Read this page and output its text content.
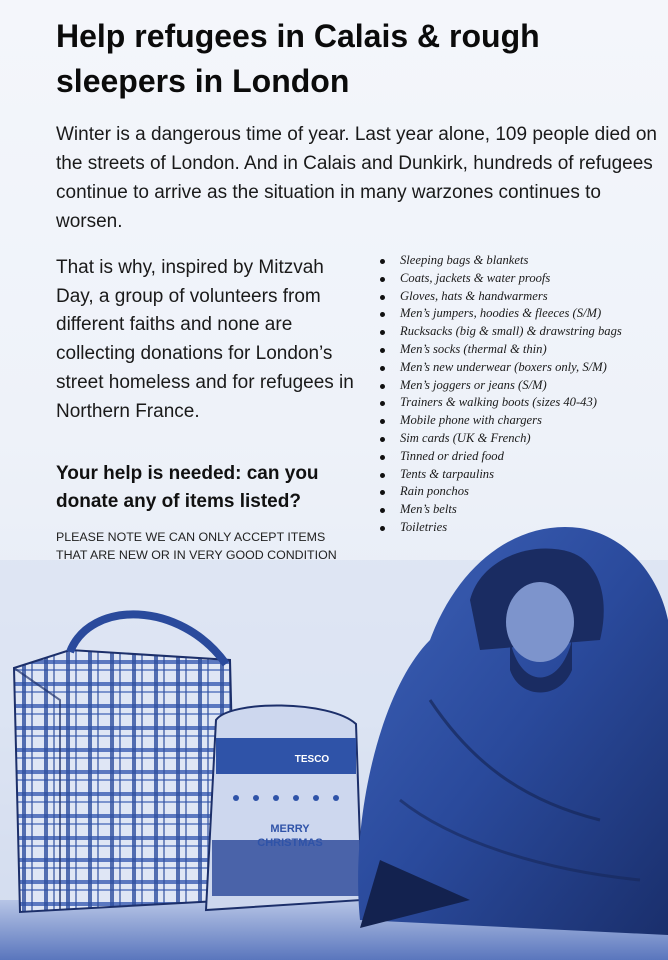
TESCO
MERRY
CHRISTMAS
Help refugees in Calais & rough sleepers in London

Winter is a dangerous time of year. Last year alone, 109 people died on the streets of London. And in Calais and Dunkirk, hundreds of refugees continue to arrive as the situation in many warzones continues to worsen.

That is why, inspired by Mitzvah Day, a group of volunteers from different faiths and none are collecting donations for London’s street homeless and for refugees in Northern France.

Your help is needed: can you donate any of items listed?

PLEASE NOTE WE CAN ONLY ACCEPT ITEMS THAT ARE NEW OR IN VERY GOOD CONDITION

Sleeping bags & blankets
Coats, jackets & water proofs
Gloves, hats & handwarmers
Men’s jumpers, hoodies & fleeces (S/M)
Rucksacks (big & small) & drawstring bags
Men’s socks (thermal & thin)
Men’s new underwear (boxers only, S/M)
Men’s joggers or jeans (S/M)
Trainers & walking boots (sizes 40-43)
Mobile phone with chargers
Sim cards (UK & French)
Tinned or dried food
Tents & tarpaulins
Rain ponchos
Men’s belts
Toiletries
